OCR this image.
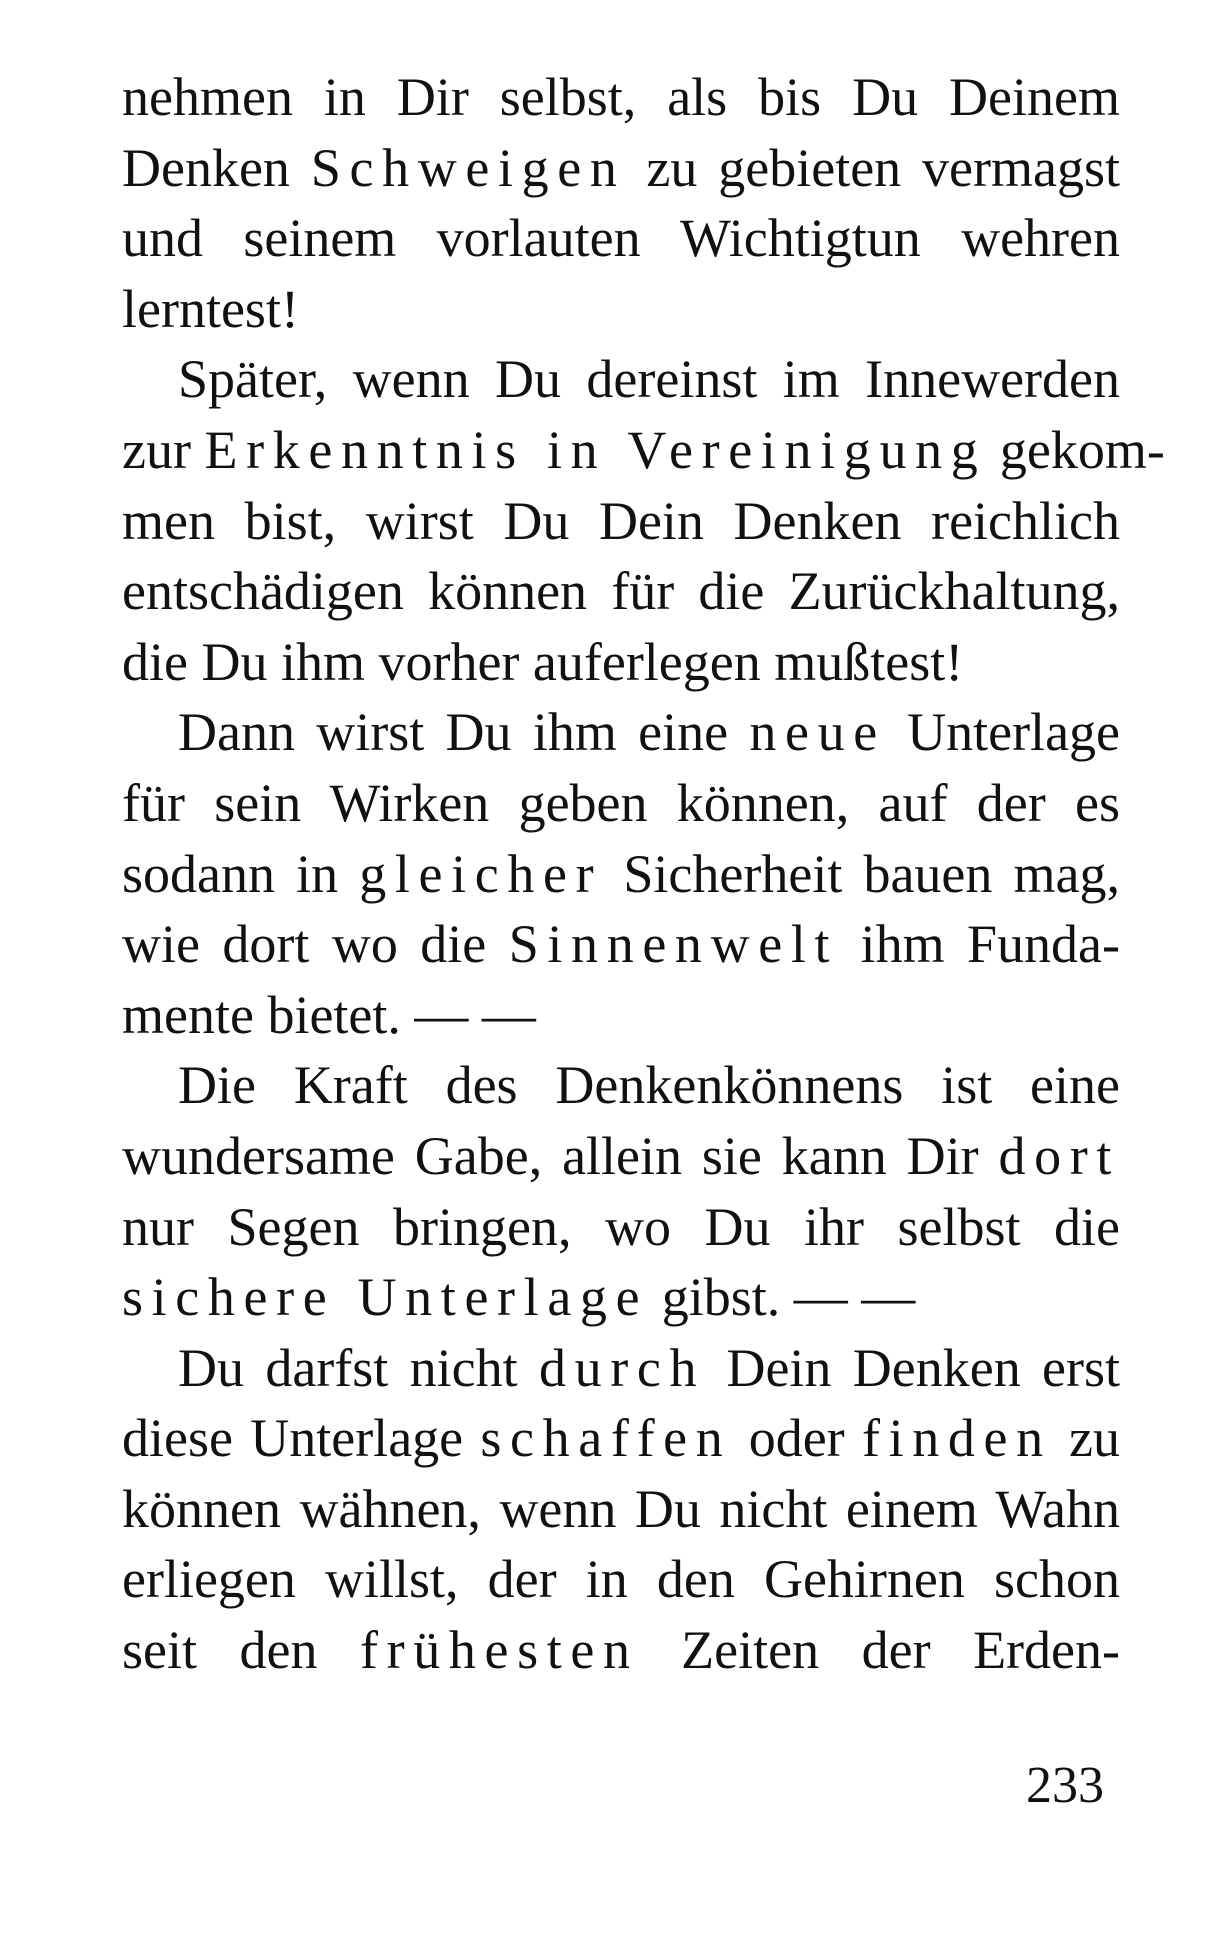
nehmen in Dir selbst, als bis Du Deinem
Denken Schweigen zu gebieten vermagst
und seinem vorlauten Wichtigtun wehren
lerntest!
Später, wenn Du dereinst im Innewerden
zur Erkenntnis in Vereinigung gekom-
men bist, wirst Du Dein Denken reichlich
entschädigen können für die Zurückhaltung,
die Du ihm vorher auferlegen mußtest!
Dann wirst Du ihm eine neue Unterlage
für sein Wirken geben können, auf der es
sodann in gleicher Sicherheit bauen mag,
wie dort wo die Sinnenwelt ihm Funda-
mente bietet. — —
Die Kraft des Denkenkönnens ist eine
wundersame Gabe, allein sie kann Dir dort
nur Segen bringen, wo Du ihr selbst die
sichere Unterlage gibst. — —
Du darfst nicht durch Dein Denken erst
diese Unterlage schaffen oder finden zu
können wähnen, wenn Du nicht einem Wahn
erliegen willst, der in den Gehirnen schon
seit den frühesten Zeiten der Erden-
233
